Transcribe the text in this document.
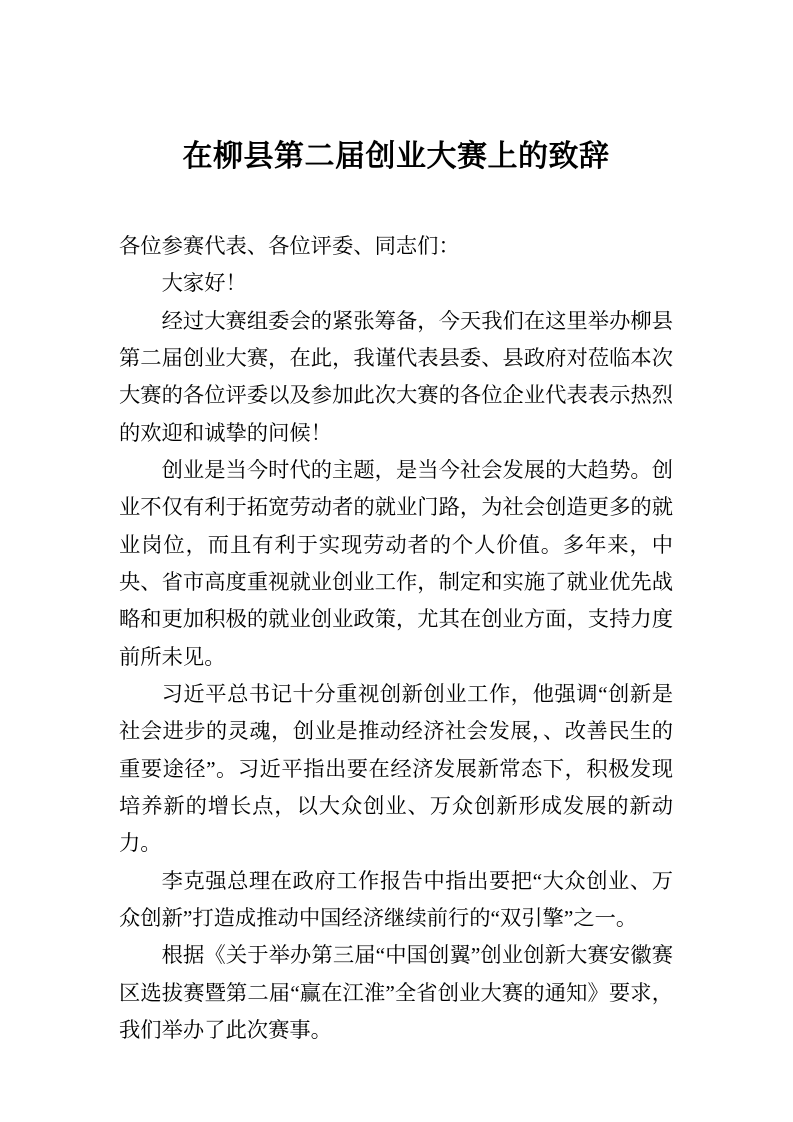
在柳县第二届创业大赛上的致辞

各位参赛代表、各位评委、同志们：

大家好！

经过大赛组委会的紧张筹备，今天我们在这里举办柳县第二届创业大赛，在此，我谨代表县委、县政府对莅临本次大赛的各位评委以及参加此次大赛的各位企业代表表示热烈的欢迎和诚挚的问候！

创业是当今时代的主题，是当今社会发展的大趋势。创业不仅有利于拓宽劳动者的就业门路，为社会创造更多的就业岗位，而且有利于实现劳动者的个人价值。多年来，中央、省市高度重视就业创业工作，制定和实施了就业优先战略和更加积极的就业创业政策，尤其在创业方面，支持力度前所未见。

习近平总书记十分重视创新创业工作，他强调“创新是社会进步的灵魂，创业是推动经济社会发展，、改善民生的重要途径”。习近平指出要在经济发展新常态下，积极发现培养新的增长点，以大众创业、万众创新形成发展的新动力。

李克强总理在政府工作报告中指出要把“大众创业、万众创新”打造成推动中国经济继续前行的“双引擎”之一。

根据《关于举办第三届“中国创翼”创业创新大赛安徽赛区选拔赛暨第二届“赢在江淮”全省创业大赛的通知》要求，我们举办了此次赛事。
